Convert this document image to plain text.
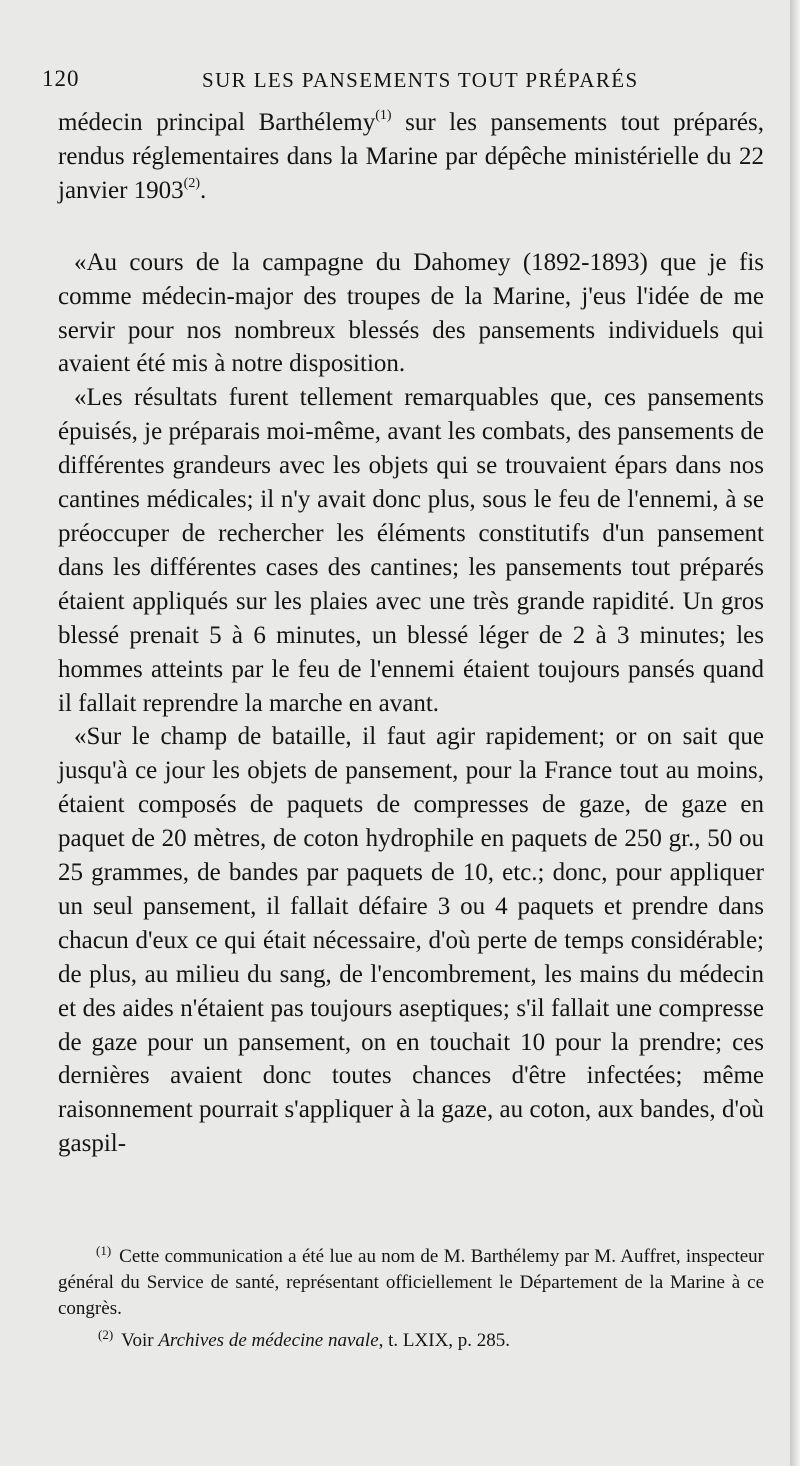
120	SUR LES PANSEMENTS TOUT PRÉPARÉS

médecin principal Barthélemy$^{(1)}$ sur les pansements tout préparés, rendus réglementaires dans la Marine par dépêche ministérielle du 22 janvier 1903$^{(2)}$.

«Au cours de la campagne du Dahomey (1892-1893) que je fis comme médecin-major des troupes de la Marine, j'eus l'idée de me servir pour nos nombreux blessés des pansements individuels qui avaient été mis à notre disposition.

«Les résultats furent tellement remarquables que, ces pansements épuisés, je préparais moi-même, avant les combats, des pansements de différentes grandeurs avec les objets qui se trouvaient épars dans nos cantines médicales; il n'y avait donc plus, sous le feu de l'ennemi, à se préoccuper de rechercher les éléments constitutifs d'un pansement dans les différentes cases des cantines; les pansements tout préparés étaient appliqués sur les plaies avec une très grande rapidité. Un gros blessé prenait 5 à 6 minutes, un blessé léger de 2 à 3 minutes; les hommes atteints par le feu de l'ennemi étaient toujours pansés quand il fallait reprendre la marche en avant.

«Sur le champ de bataille, il faut agir rapidement; or on sait que jusqu'à ce jour les objets de pansement, pour la France tout au moins, étaient composés de paquets de compresses de gaze, de gaze en paquet de 20 mètres, de coton hydrophile en paquets de 250 gr., 50 ou 25 grammes, de bandes par paquets de 10, etc.; donc, pour appliquer un seul pansement, il fallait défaire 3 ou 4 paquets et prendre dans chacun d'eux ce qui était nécessaire, d'où perte de temps considérable; de plus, au milieu du sang, de l'encombrement, les mains du médecin et des aides n'étaient pas toujours aseptiques; s'il fallait une compresse de gaze pour un pansement, on en touchait 10 pour la prendre; ces dernières avaient donc toutes chances d'être infectées; même raisonnement pourrait s'appliquer à la gaze, au coton, aux bandes, d'où gaspil-

$^{(1)}$ Cette communication a été lue au nom de M. Barthélemy par M. Auffret, inspecteur général du Service de santé, représentant officiellement le Département de la Marine à ce congrès.

$^{(2)}$ Voir Archives de médecine navale, t. LXIX, p. 285.
